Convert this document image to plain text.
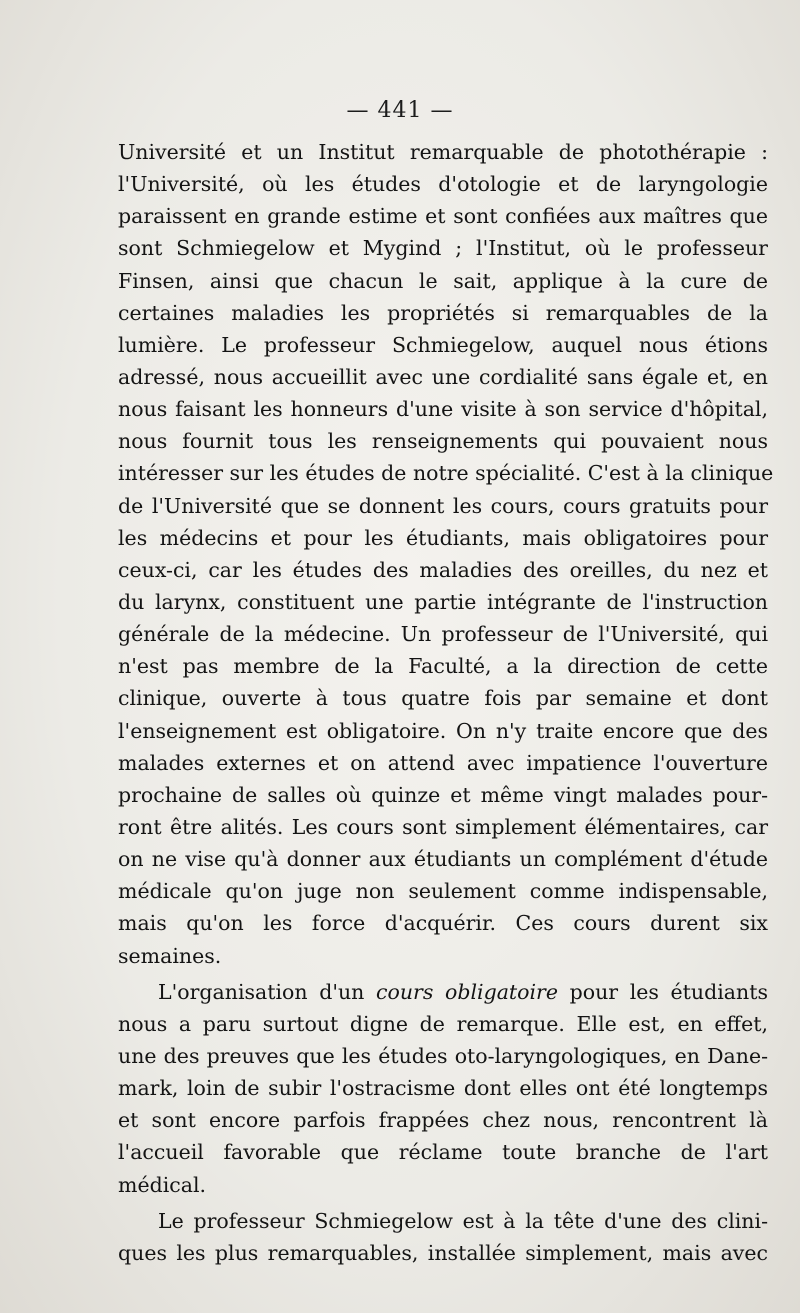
— 441 —
Université et un Institut remarquable de photothérapie :
l'Université, où les études d'otologie et de laryngologie
paraissent en grande estime et sont confiées aux maîtres que
sont Schmiegelow et Mygind ; l'Institut, où le professeur
Finsen, ainsi que chacun le sait, applique à la cure de
certaines maladies les propriétés si remarquables de la
lumière. Le professeur Schmiegelow, auquel nous étions
adressé, nous accueillit avec une cordialité sans égale et, en
nous faisant les honneurs d'une visite à son service d'hôpital,
nous fournit tous les renseignements qui pouvaient nous
intéresser sur les études de notre spécialité. C'est à la clinique
de l'Université que se donnent les cours, cours gratuits pour
les médecins et pour les étudiants, mais obligatoires pour
ceux-ci, car les études des maladies des oreilles, du nez et
du larynx, constituent une partie intégrante de l'instruction
générale de la médecine. Un professeur de l'Université, qui
n'est pas membre de la Faculté, a la direction de cette
clinique, ouverte à tous quatre fois par semaine et dont
l'enseignement est obligatoire. On n'y traite encore que des
malades externes et on attend avec impatience l'ouverture
prochaine de salles où quinze et même vingt malades pour-
ront être alités. Les cours sont simplement élémentaires, car
on ne vise qu'à donner aux étudiants un complément d'étude
médicale qu'on juge non seulement comme indispensable,
mais qu'on les force d'acquérir. Ces cours durent six
semaines.
L'organisation d'un cours obligatoire pour les étudiants
nous a paru surtout digne de remarque. Elle est, en effet,
une des preuves que les études oto-laryngologiques, en Dane-
mark, loin de subir l'ostracisme dont elles ont été longtemps
et sont encore parfois frappées chez nous, rencontrent là
l'accueil favorable que réclame toute branche de l'art
médical.
Le professeur Schmiegelow est à la tête d'une des clini-
ques les plus remarquables, installée simplement, mais avec
